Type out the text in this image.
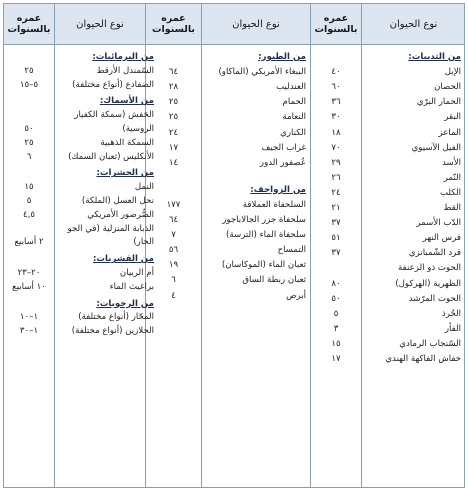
نوع الحيوان
عمره بالسنوات
نوع الحيوان
عمره بالسنوات
نوع الحيوان
عمره بالسنوات
من الثدييات:
الإبل
٤٠
الحصان
٦٠
الحمار البرّي
٣٦
البقر
٣٠
الماعز
١٨
الفيل الآسيوي
٧٠
الأسد
٢٩
النّمر
٢٦
الكلب
٢٤
القط
٢١
الدّب الأسمر
٣٧
فرس النهر
٥١
قرد الشّمبانزي
٣٧
الحوت ذو الزعنفة
الظهرية (الهركول)
٨٠
الحوت المرّشد
٥٠
الجُرذ
٥
الفأر
٣
السّنجاب الرمادي
١٥
خفاش الفاكهة الهندي
١٧
من الطيور:
الببغاء الأمريكي (الماكاو)
٦٤
العندليب
٢٨
الحمام
٢٥
النعامة
٢٥
الكناري
٢٤
غراب الجيف
١٧
عُصفور الدور
١٤
من الزواحف:
السلحفاة العملاقة
١٧٧
سلحفاة جزر الجالاباجوز
٦٤
سلحفاة الماء (الترسة)
٧
التمساح
٥٦
ثعبان الماء (الموكاسان)
١٩
ثعبان ربطة الساق
٦
أبرص
٤
من البرمائيات:
السّمندل الأرقط
٢٥
الضفادع (أنواع مختلفة)
٥–١٥
من الأسماك:
الحَفش (سمكة الكفيار
الروسية)
٥٠
السمكة الذهبية
٢٥
الأنكليس (ثعبان السمك)
٦
من الحشرات:
النمل
١٥
نحل العسل (الملكة)
٥
الصُّرصور الأمريكي
٤,٥
الذبابة المنزلية (في الجو
الحار)
٢ أسابيع
من القشريات:
أم الربيان
٢٠–٢٣
براغيث الماء
١٠ أسابيع
من الرخويات:
المحّار (أنواع مختلفة)
١–١٠
الحلازين (أنواع مختلفة)
١–٣٠
